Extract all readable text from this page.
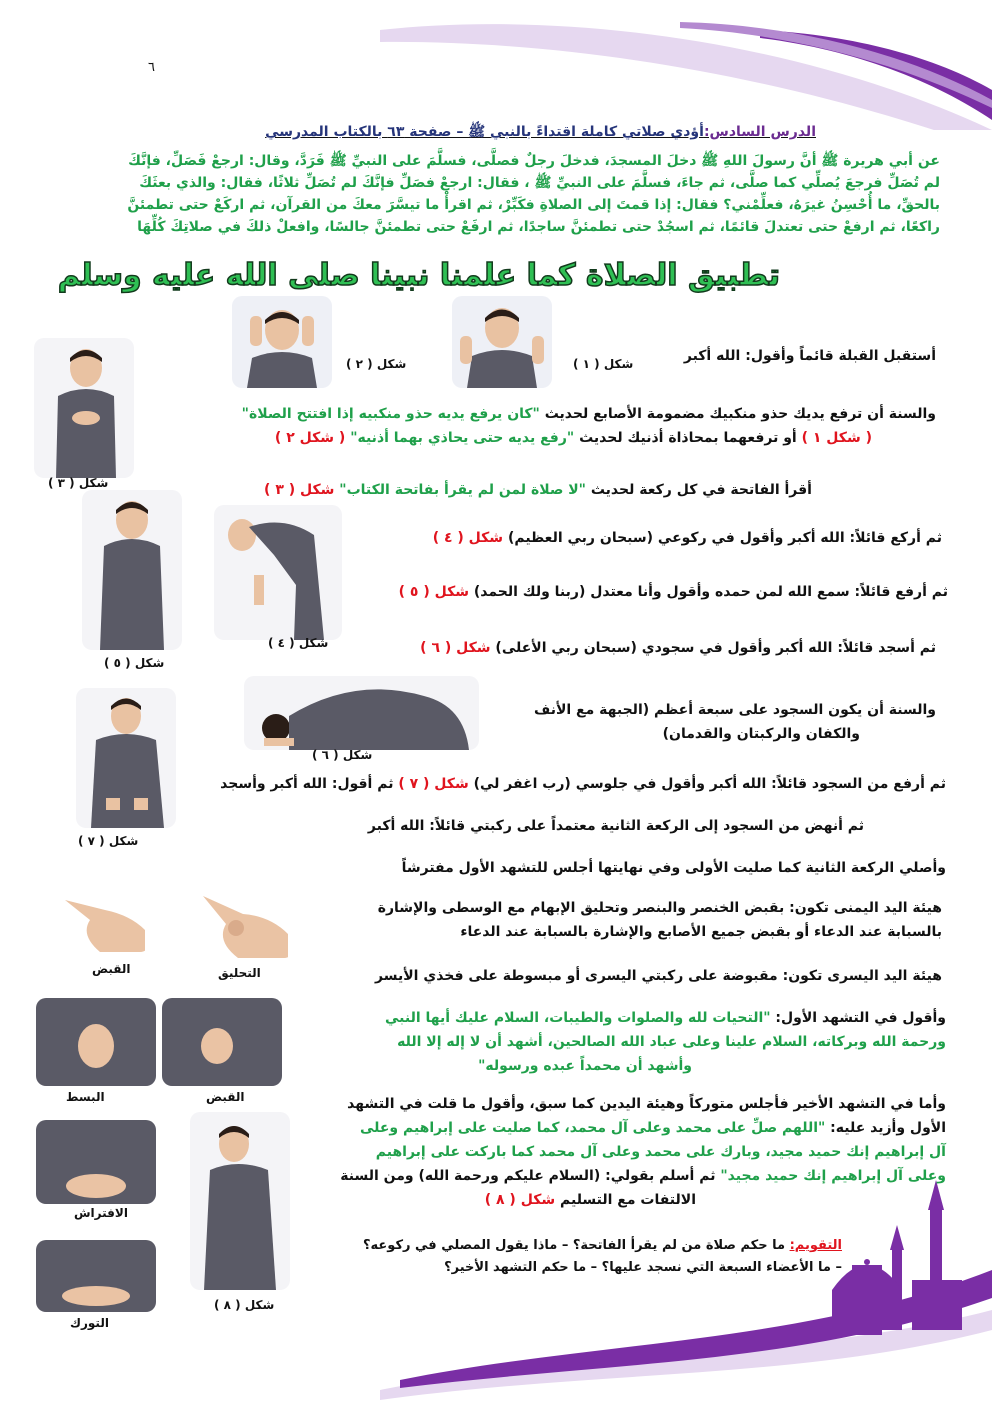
٦
الدرس السادس:أؤدي صلاتي كاملة اقتداءً بالنبي ﷺ – صفحة ٦٣ بالكتاب المدرسي
عن أبي هريرة ﷺ أنَّ رسولَ اللهِ ﷺ دخلَ المسجدَ، فدخلَ رجلٌ فصلَّى، فسلَّمَ على النبيِّ ﷺ فَرَدَّ، وقال: ارجعْ فَصَلِّ، فإنَّكَ
لم تُصَلِّ فرجعَ يُصلِّي كما صلَّى، ثم جاءَ، فسلَّمَ على النبيِّ ﷺ ، فقال: ارجعْ فصَلِّ فإنَّكَ لم تُصَلِّ ثلاثًا، فقال: والذي بعثَكَ
بالحقِّ، ما أُحْسِنُ غيرَهُ، فعلِّمْني؟ فقال: إذا قمتَ إلى الصلاةِ فكَبِّرْ، ثم اقرأْ ما تيسَّرَ معكَ من القرآن، ثم اركَعْ حتى تطمئنَّ
راكعًا، ثم ارفعْ حتى تعتدلَ قائمًا، ثم اسجُدْ حتى تطمئنَّ ساجدًا، ثم ارفَعْ حتى تطمئنَّ جالسًا، وافعلْ ذلكَ في صلاتِكَ كُلِّهَا
تطبيق الصلاة كما علمنا نبينا صلى الله عليه وسلم
شكل ( ١ )
شكل ( ٢ )
شكل ( ٣ )
شكل ( ٤ )
شكل ( ٥ )
شكل ( ٦ )
شكل ( ٧ )
شكل ( ٨ )
القبض	التحليق
البسط	القبض
الافتراش
التورك
أستقبل القبلة قائماً وأقول: الله أكبر
والسنة أن ترفع يديك حذو منكبيك مضمومة الأصابع لحديث "كان يرفع يديه حذو منكبيه إذا افتتح الصلاة"
( شكل ١ ) أو ترفعهما بمحاذاة أذنيك لحديث "رفع يديه حتى يحاذي بهما أذنيه" ( شكل ٢ )
أقرأ الفاتحة في كل ركعة لحديث "لا صلاة لمن لم يقرأ بفاتحة الكتاب" شكل ( ٣ )
ثم أركع قائلاً: الله أكبر وأقول في ركوعي (سبحان ربي العظيم) شكل ( ٤ )
ثم أرفع قائلاً: سمع الله لمن حمده وأقول وأنا معتدل (ربنا ولك الحمد) شكل ( ٥ )
ثم أسجد قائلاً: الله أكبر وأقول في سجودي (سبحان ربي الأعلى) شكل ( ٦ )
والسنة أن يكون السجود على سبعة أعظم (الجبهة مع الأنف
والكفان والركبتان والقدمان)
ثم أرفع من السجود قائلاً: الله أكبر وأقول في جلوسي (رب اغفر لي) شكل ( ٧ ) ثم أقول: الله أكبر وأسجد
ثم أنهض من السجود إلى الركعة الثانية معتمداً على ركبتي قائلاً: الله أكبر
وأصلي الركعة الثانية كما صليت الأولى وفي نهايتها أجلس للتشهد الأول مفترشاً
هيئة اليد اليمنى تكون: بقبض الخنصر والبنصر وتحليق الإبهام مع الوسطى والإشارة
بالسبابة عند الدعاء أو بقبض جميع الأصابع والإشارة بالسبابة عند الدعاء
هيئة اليد اليسرى تكون: مقبوضة على ركبتي اليسرى أو مبسوطة على فخذي الأيسر
وأقول في التشهد الأول: "التحيات لله والصلوات والطيبات، السلام عليك أيها النبي
ورحمة الله وبركاته، السلام علينا وعلى عباد الله الصالحين، أشهد أن لا إله إلا الله
وأشهد أن محمداً عبده ورسوله"
وأما في التشهد الأخير فأجلس متوركاً وهيئة اليدين كما سبق، وأقول ما قلت في التشهد
الأول وأزيد عليه: "اللهم صلِّ على محمد وعلى آل محمد، كما صليت على إبراهيم وعلى
آل إبراهيم إنك حميد مجيد، وبارك على محمد وعلى آل محمد كما باركت على إبراهيم
وعلى آل إبراهيم إنك حميد مجيد" ثم أسلم بقولي: (السلام عليكم ورحمة الله) ومن السنة
الالتفات مع التسليم شكل ( ٨ )
التقويم: ما حكم صلاة من لم يقرأ الفاتحة؟ – ماذا يقول المصلي في ركوعه؟
– ما الأعضاء السبعة التي نسجد عليها؟ – ما حكم التشهد الأخير؟
